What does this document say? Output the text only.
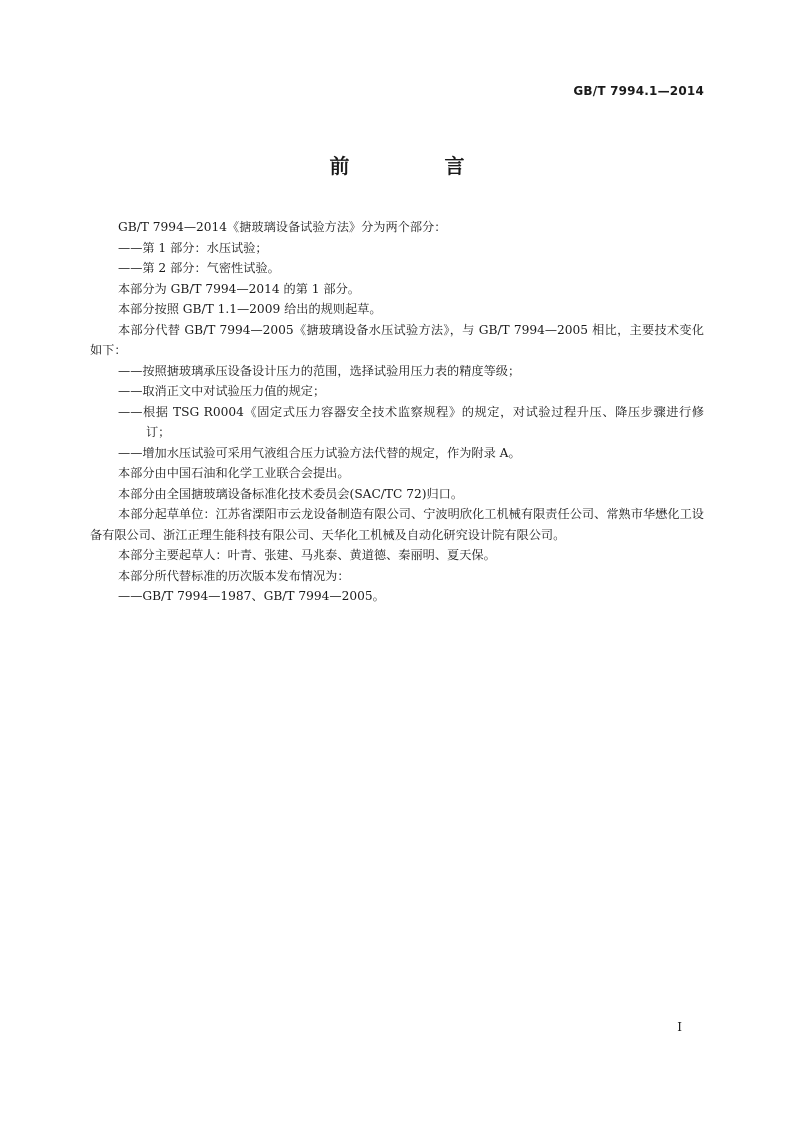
GB/T 7994.1—2014
前 言
GB/T 7994—2014《搪玻璃设备试验方法》分为两个部分：
——第 1 部分：水压试验；
——第 2 部分：气密性试验。
本部分为 GB/T 7994—2014 的第 1 部分。
本部分按照 GB/T 1.1—2009 给出的规则起草。
本部分代替 GB/T 7994—2005《搪玻璃设备水压试验方法》，与 GB/T 7994—2005 相比，主要技术变化如下：
——按照搪玻璃承压设备设计压力的范围，选择试验用压力表的精度等级；
——取消正文中对试验压力值的规定；
——根据 TSG R0004《固定式压力容器安全技术监察规程》的规定，对试验过程升压、降压步骤进行修订；
——增加水压试验可采用气液组合压力试验方法代替的规定，作为附录 A。
本部分由中国石油和化学工业联合会提出。
本部分由全国搪玻璃设备标准化技术委员会(SAC/TC 72)归口。
本部分起草单位：江苏省溧阳市云龙设备制造有限公司、宁波明欣化工机械有限责任公司、常熟市华懋化工设备有限公司、浙江正理生能科技有限公司、天华化工机械及自动化研究设计院有限公司。
本部分主要起草人：叶青、张建、马兆泰、黄道德、秦丽明、夏天保。
本部分所代替标准的历次版本发布情况为：
——GB/T 7994—1987、GB/T 7994—2005。
I
